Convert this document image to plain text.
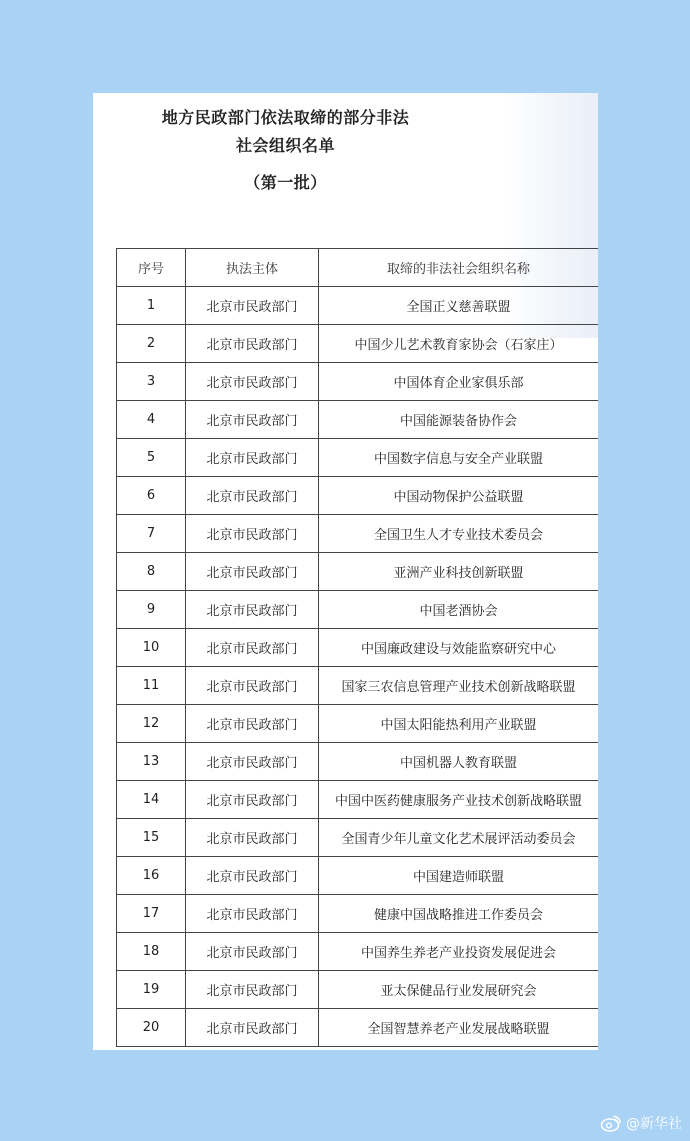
地方民政部门依法取缔的部分非法
社会组织名单
（第一批）
序号	执法主体	取缔的非法社会组织名称
1	北京市民政部门	全国正义慈善联盟
2	北京市民政部门	中国少儿艺术教育家协会（石家庄）
3	北京市民政部门	中国体育企业家俱乐部
4	北京市民政部门	中国能源装备协作会
5	北京市民政部门	中国数字信息与安全产业联盟
6	北京市民政部门	中国动物保护公益联盟
7	北京市民政部门	全国卫生人才专业技术委员会
8	北京市民政部门	亚洲产业科技创新联盟
9	北京市民政部门	中国老酒协会
10	北京市民政部门	中国廉政建设与效能监察研究中心
11	北京市民政部门	国家三农信息管理产业技术创新战略联盟
12	北京市民政部门	中国太阳能热利用产业联盟
13	北京市民政部门	中国机器人教育联盟
14	北京市民政部门	中国中医药健康服务产业技术创新战略联盟
15	北京市民政部门	全国青少年儿童文化艺术展评活动委员会
16	北京市民政部门	中国建造师联盟
17	北京市民政部门	健康中国战略推进工作委员会
18	北京市民政部门	中国养生养老产业投资发展促进会
19	北京市民政部门	亚太保健品行业发展研究会
20	北京市民政部门	全国智慧养老产业发展战略联盟
@新华社
